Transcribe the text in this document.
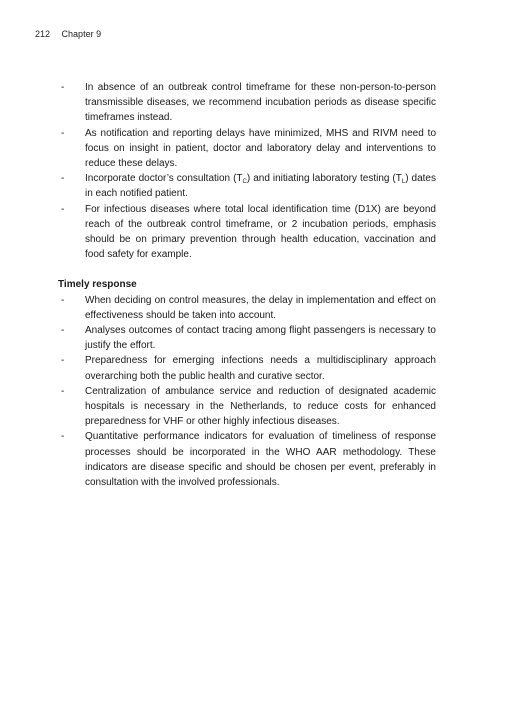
212 Chapter 9
- In absence of an outbreak control timeframe for these non-person-to-person transmissible diseases, we recommend incubation periods as disease specific timeframes instead.
- As notification and reporting delays have minimized, MHS and RIVM need to focus on insight in patient, doctor and laboratory delay and interventions to reduce these delays.
- Incorporate doctor’s consultation $(T_C)$ and initiating laboratory testing $(T_L)$ dates in each notified patient.
- For infectious diseases where total local identification time (D1X) are beyond reach of the outbreak control timeframe, or 2 incubation periods, emphasis should be on primary prevention through health education, vaccination and food safety for example.
Timely response
- When deciding on control measures, the delay in implementation and effect on effectiveness should be taken into account.
- Analyses outcomes of contact tracing among flight passengers is necessary to justify the effort.
- Preparedness for emerging infections needs a multidisciplinary approach overarching both the public health and curative sector.
- Centralization of ambulance service and reduction of designated academic hospitals is necessary in the Netherlands, to reduce costs for enhanced preparedness for VHF or other highly infectious diseases.
- Quantitative performance indicators for evaluation of timeliness of response processes should be incorporated in the WHO AAR methodology. These indicators are disease specific and should be chosen per event, preferably in consultation with the involved professionals.
